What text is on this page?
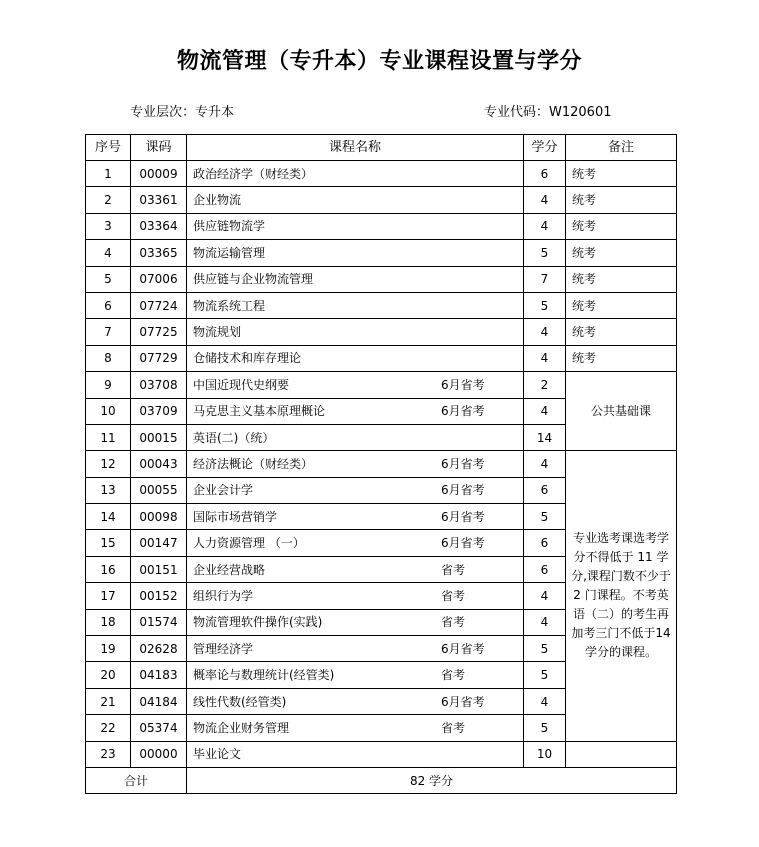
物流管理（专升本）专业课程设置与学分
专业层次：专升本	专业代码：W120601
序号	课码	课程名称	学分	备注
1	00009	政治经济学（财经类）	6	统考
2	03361	企业物流	4	统考
3	03364	供应链物流学	4	统考
4	03365	物流运输管理	5	统考
5	07006	供应链与企业物流管理	7	统考
6	07724	物流系统工程	5	统考
7	07725	物流规划	4	统考
8	07729	仓储技术和库存理论	4	统考
9	03708	中国近现代史纲要 6月省考	2	公共基础课
10	03709	马克思主义基本原理概论 6月省考	4	
11	00015	英语(二)（统）	14	
12	00043	经济法概论（财经类） 6月省考	4	专业选考课选考学分不得低于 11 学分,课程门数不少于 2 门课程。不考英语（二）的考生再加考三门不低于14 学分的课程。
13	00055	企业会计学 6月省考	6	
14	00098	国际市场营销学 6月省考	5	
15	00147	人力资源管理 （一） 6月省考	6	
16	00151	企业经营战略 省考	6	
17	00152	组织行为学 省考	4	
18	01574	物流管理软件操作(实践) 省考	4	
19	02628	管理经济学 6月省考	5	
20	04183	概率论与数理统计(经管类) 省考	5	
21	04184	线性代数(经管类) 6月省考	4	
22	05374	物流企业财务管理 省考	5	
23	00000	毕业论文	10	
合计		82 学分		
